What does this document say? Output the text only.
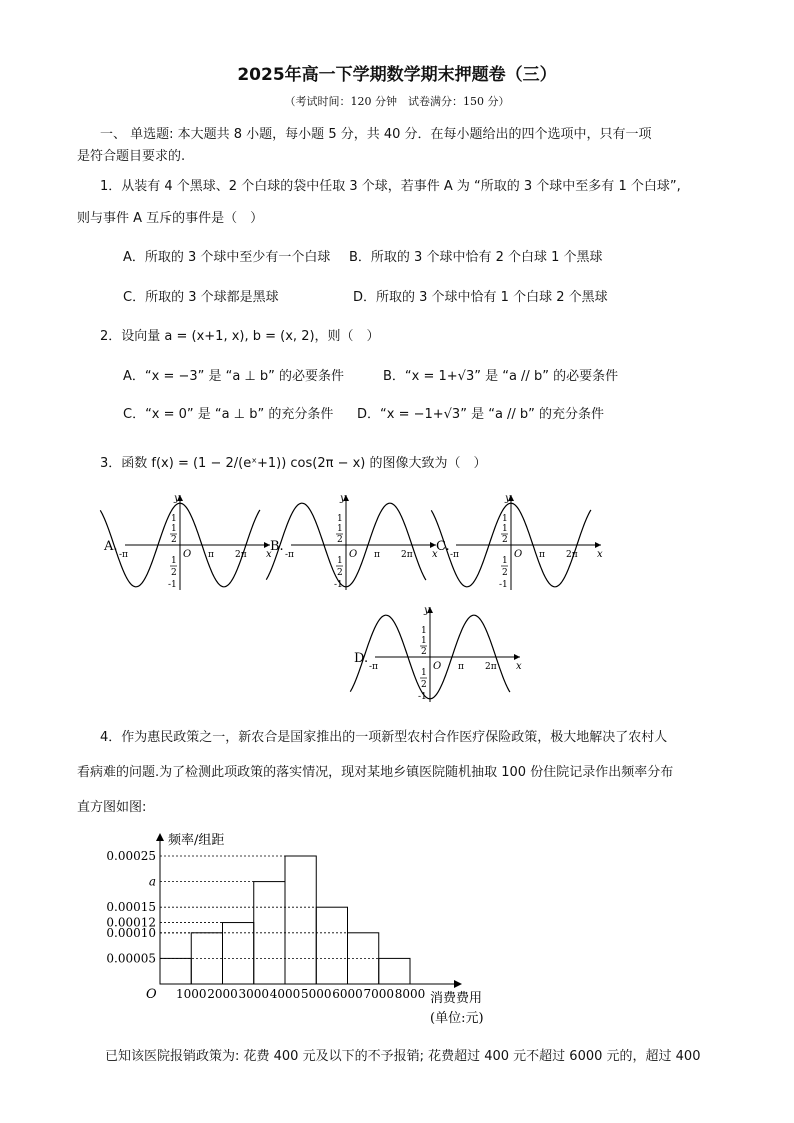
2025年高一下学期数学期末押题卷（三）
（考试时间：120 分钟　试卷满分：150 分）
一、 单选题: 本大题共 8 小题，每小题 5 分，共 40 分．在每小题给出的四个选项中，只有一项
是符合题目要求的.
1．从装有 4 个黑球、2 个白球的袋中任取 3 个球，若事件 A 为 “所取的 3 个球中至多有 1 个白球”,
则与事件 A 互斥的事件是（　）
A．所取的 3 个球中至少有一个白球 B．所取的 3 个球中恰有 2 个白球 1 个黑球
C．所取的 3 个球都是黑球	D．所取的 3 个球中恰有 1 个白球 2 个黑球
2．设向量 a = (x+1, x), b = (x, 2)，则（　）
A．“x = −3” 是 “a ⊥ b” 的必要条件	B．“x = 1+√3” 是 “a // b” 的必要条件
C．“x = 0” 是 “a ⊥ b” 的充分条件 D．“x = −1+√3” 是 “a // b” 的充分条件
3．函数 f(x) = (1 − 2/(eˣ+1)) cos(2π − x) 的图像大致为（　）
A.
y
x
O
1
1
2
1
2
-1
-π	π 2π
B.
y
x
O
1
1
2
1
2
-1
-π	π 2π
C.
y
x
O
1
1
2
1
2
-1
-π	π 2π
D.
y
x
O
1
1
2
1
2
-1
-π	π 2π
4．作为惠民政策之一，新农合是国家推出的一项新型农村合作医疗保险政策，极大地解决了农村人
看病难的问题.为了检测此项政策的落实情况，现对某地乡镇医院随机抽取 100 份住院记录作出频率分布
直方图如图:
频率/组距
O	消费费用
(单位:元)
0.00005
0.00010
0.00012
0.00015
a
0.00025
1000 2000 3000 4000 5000 6000 7000 8000
已知该医院报销政策为: 花费 400 元及以下的不予报销; 花费超过 400 元不超过 6000 元的，超过 400
